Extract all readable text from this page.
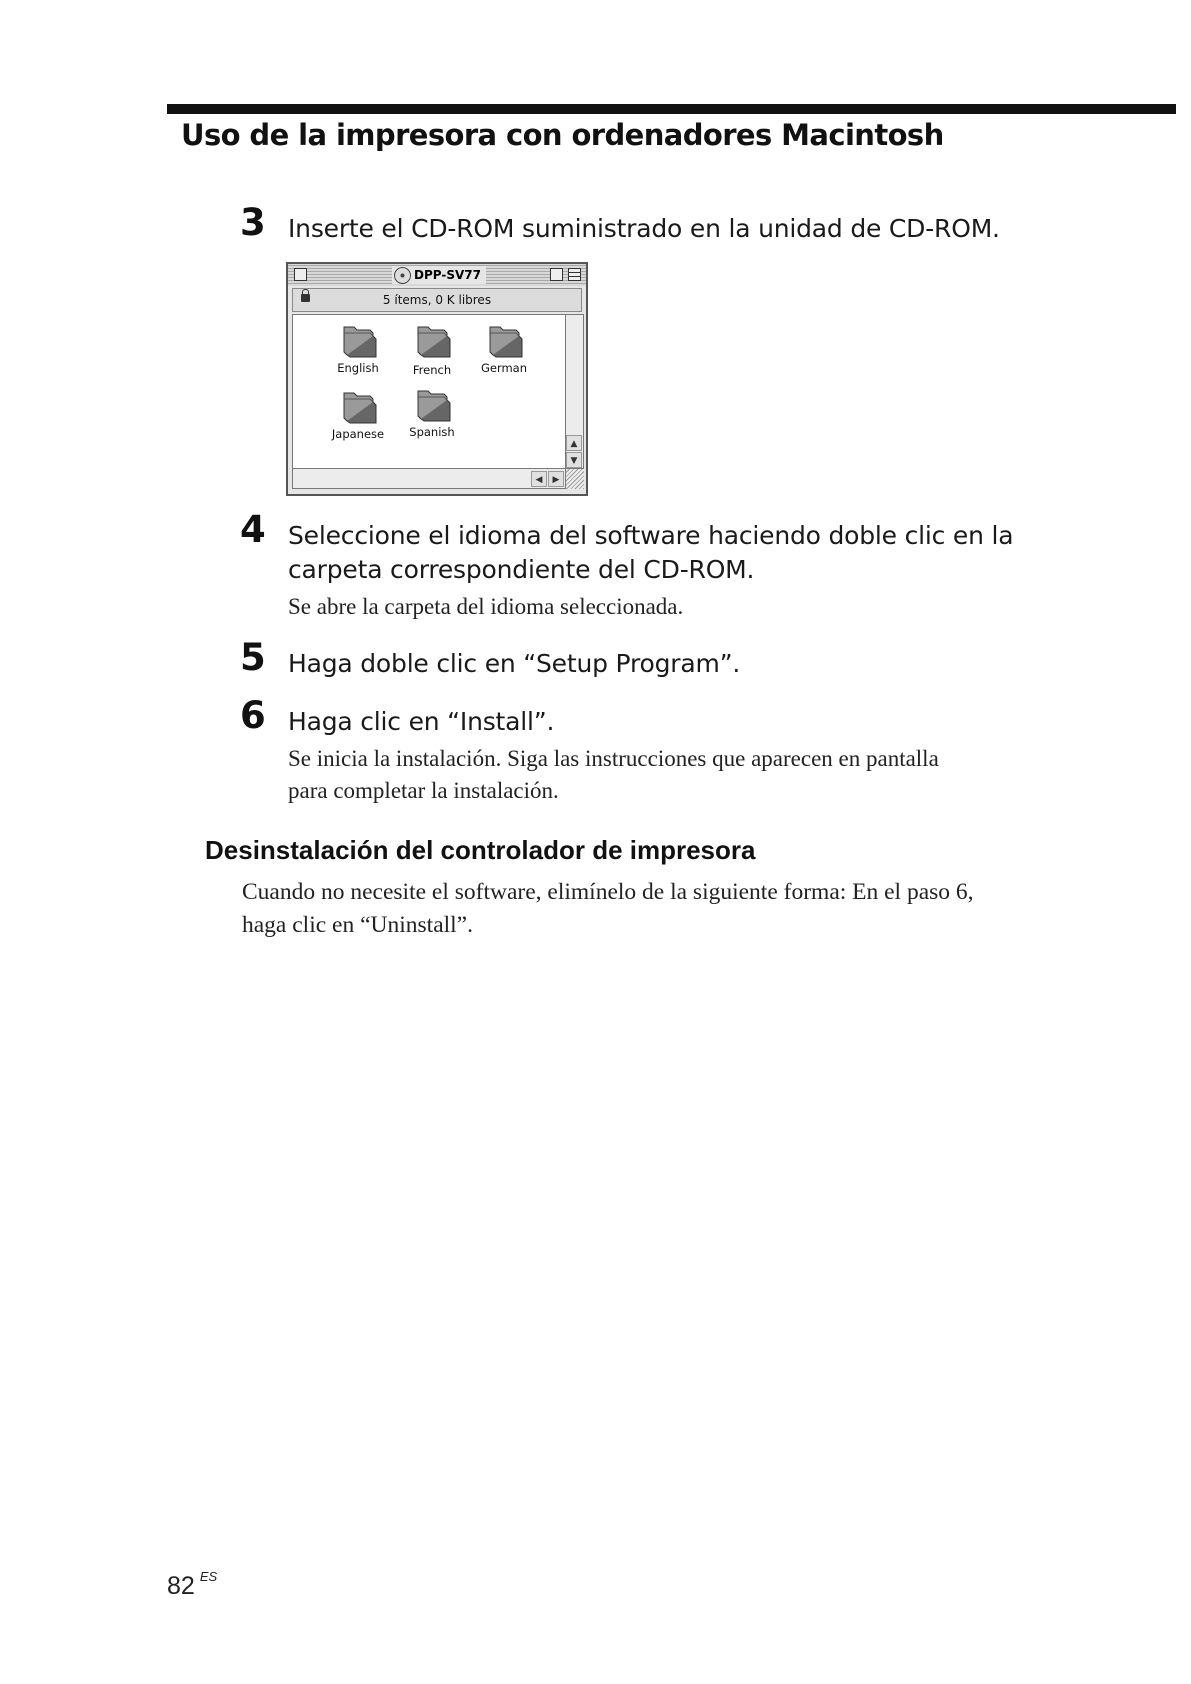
Uso de la impresora con ordenadores Macintosh
3 Inserte el CD-ROM suministrado en la unidad de CD-ROM.
DPP-SV77
5 ítems, 0 K libres
English	French	German
Japanese	Spanish
▲
▼
◀	▶
4 Seleccione el idioma del software haciendo doble clic en la
carpeta correspondiente del CD-ROM.
Se abre la carpeta del idioma seleccionada.
5 Haga doble clic en “Setup Program”.
6 Haga clic en “Install”.
Se inicia la instalación. Siga las instrucciones que aparecen en pantalla
para completar la instalación.
Desinstalación del controlador de impresora
Cuando no necesite el software, elimínelo de la siguiente forma: En el paso 6,
haga clic en “Uninstall”.
82 $^{ES}$
